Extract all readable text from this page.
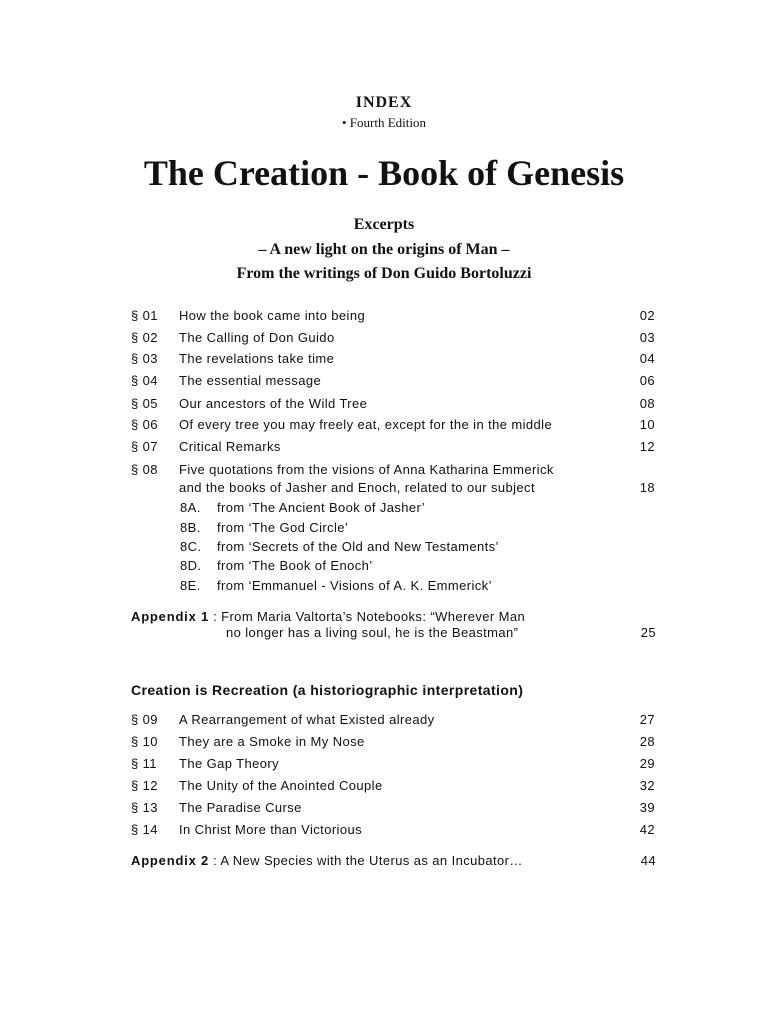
INDEX
• Fourth Edition
The Creation - Book of Genesis
Excerpts
– A new light on the origins of Man –
From the writings of Don Guido Bortoluzzi
§ 01 How the book came into being	02
§ 02 The Calling of Don Guido	03
§ 03 The revelations take time	04
§ 04 The essential message	06
§ 05 Our ancestors of the Wild Tree	08
§ 06 Of every tree you may freely eat, except for the in the middle	10
§ 07 Critical Remarks	12
§ 08 Five quotations from the visions of Anna Katharina Emmerick
and the books of Jasher and Enoch, related to our subject	18
8A. from ‘The Ancient Book of Jasher’
8B. from ‘The God Circle’
8C. from ‘Secrets of the Old and New Testaments’
8D. from ‘The Book of Enoch’
8E. from ‘Emmanuel - Visions of A. K. Emmerick’
Appendix 1 : From Maria Valtorta’s Notebooks: “Wherever Man
no longer has a living soul, he is the Beastman”	25
Creation is Recreation (a historiographic interpretation)
§ 09 A Rearrangement of what Existed already	27
§ 10 They are a Smoke in My Nose	28
§ 11 The Gap Theory	29
§ 12 The Unity of the Anointed Couple	32
§ 13 The Paradise Curse	39
§ 14 In Christ More than Victorious	42
Appendix 2 : A New Species with the Uterus as an Incubator…	44
